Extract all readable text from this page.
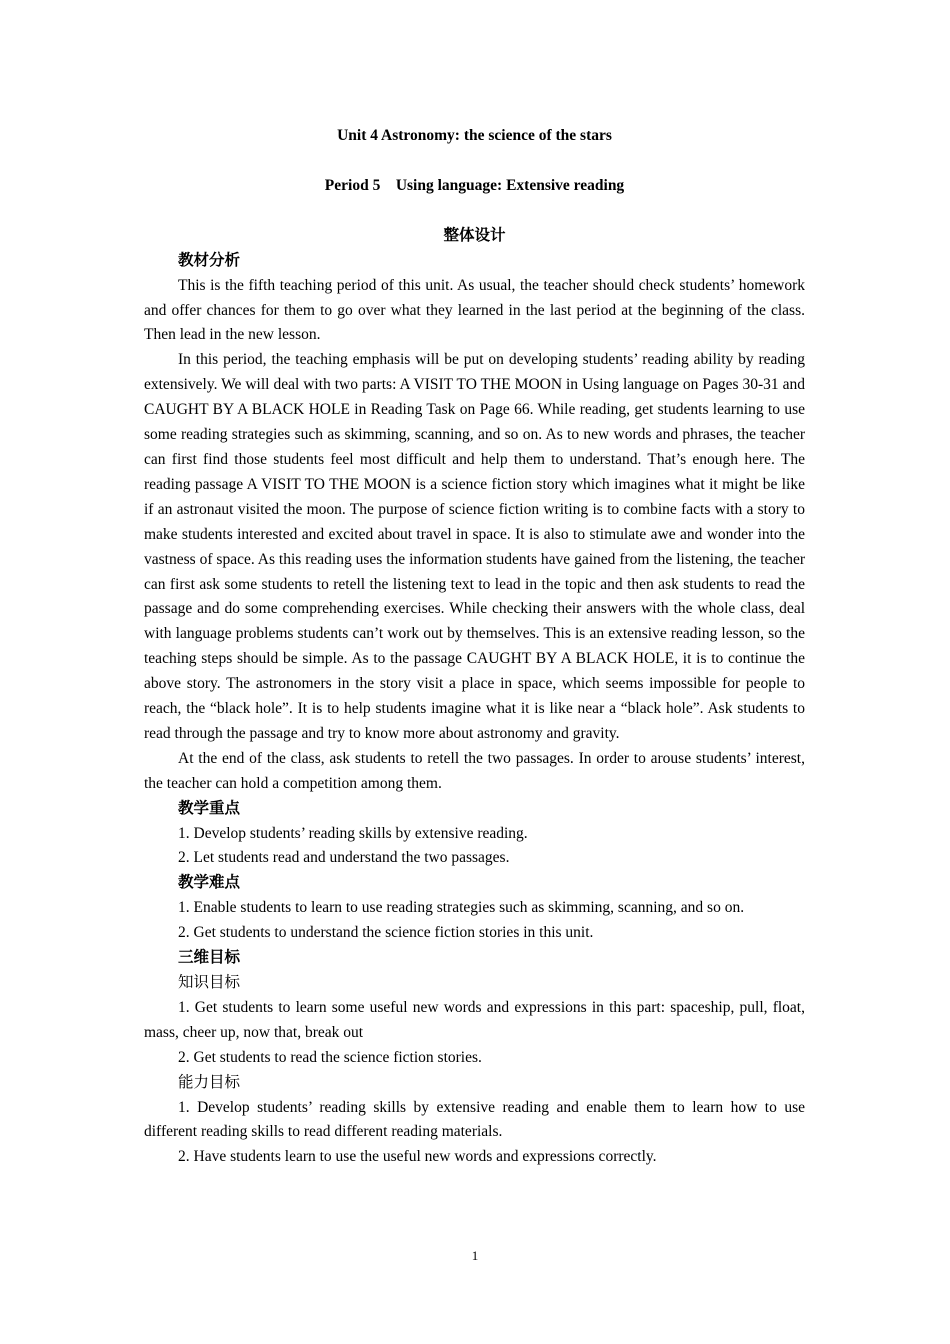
Unit 4 Astronomy: the science of the stars

Period 5    Using language: Extensive reading

整体设计

教材分析

This is the fifth teaching period of this unit. As usual, the teacher should check students’ homework and offer chances for them to go over what they learned in the last period at the beginning of the class. Then lead in the new lesson.

In this period, the teaching emphasis will be put on developing students’ reading ability by reading extensively. We will deal with two parts: A VISIT TO THE MOON in Using language on Pages 30-31 and CAUGHT BY A BLACK HOLE in Reading Task on Page 66. While reading, get students learning to use some reading strategies such as skimming, scanning, and so on. As to new words and phrases, the teacher can first find those students feel most difficult and help them to understand. That’s enough here. The reading passage A VISIT TO THE MOON is a science fiction story which imagines what it might be like if an astronaut visited the moon. The purpose of science fiction writing is to combine facts with a story to make students interested and excited about travel in space. It is also to stimulate awe and wonder into the vastness of space. As this reading uses the information students have gained from the listening, the teacher can first ask some students to retell the listening text to lead in the topic and then ask students to read the passage and do some comprehending exercises. While checking their answers with the whole class, deal with language problems students can’t work out by themselves. This is an extensive reading lesson, so the teaching steps should be simple. As to the passage CAUGHT BY A BLACK HOLE, it is to continue the above story. The astronomers in the story visit a place in space, which seems impossible for people to reach, the “black hole”. It is to help students imagine what it is like near a “black hole”. Ask students to read through the passage and try to know more about astronomy and gravity.

At the end of the class, ask students to retell the two passages. In order to arouse students’ interest, the teacher can hold a competition among them.

教学重点

1. Develop students’ reading skills by extensive reading.

2. Let students read and understand the two passages.

教学难点

1. Enable students to learn to use reading strategies such as skimming, scanning, and so on.

2. Get students to understand the science fiction stories in this unit.

三维目标

知识目标

1. Get students to learn some useful new words and expressions in this part: spaceship, pull, float, mass, cheer up, now that, break out

2. Get students to read the science fiction stories.

能力目标

1. Develop students’ reading skills by extensive reading and enable them to learn how to use different reading skills to read different reading materials.

2. Have students learn to use the useful new words and expressions correctly.

1
